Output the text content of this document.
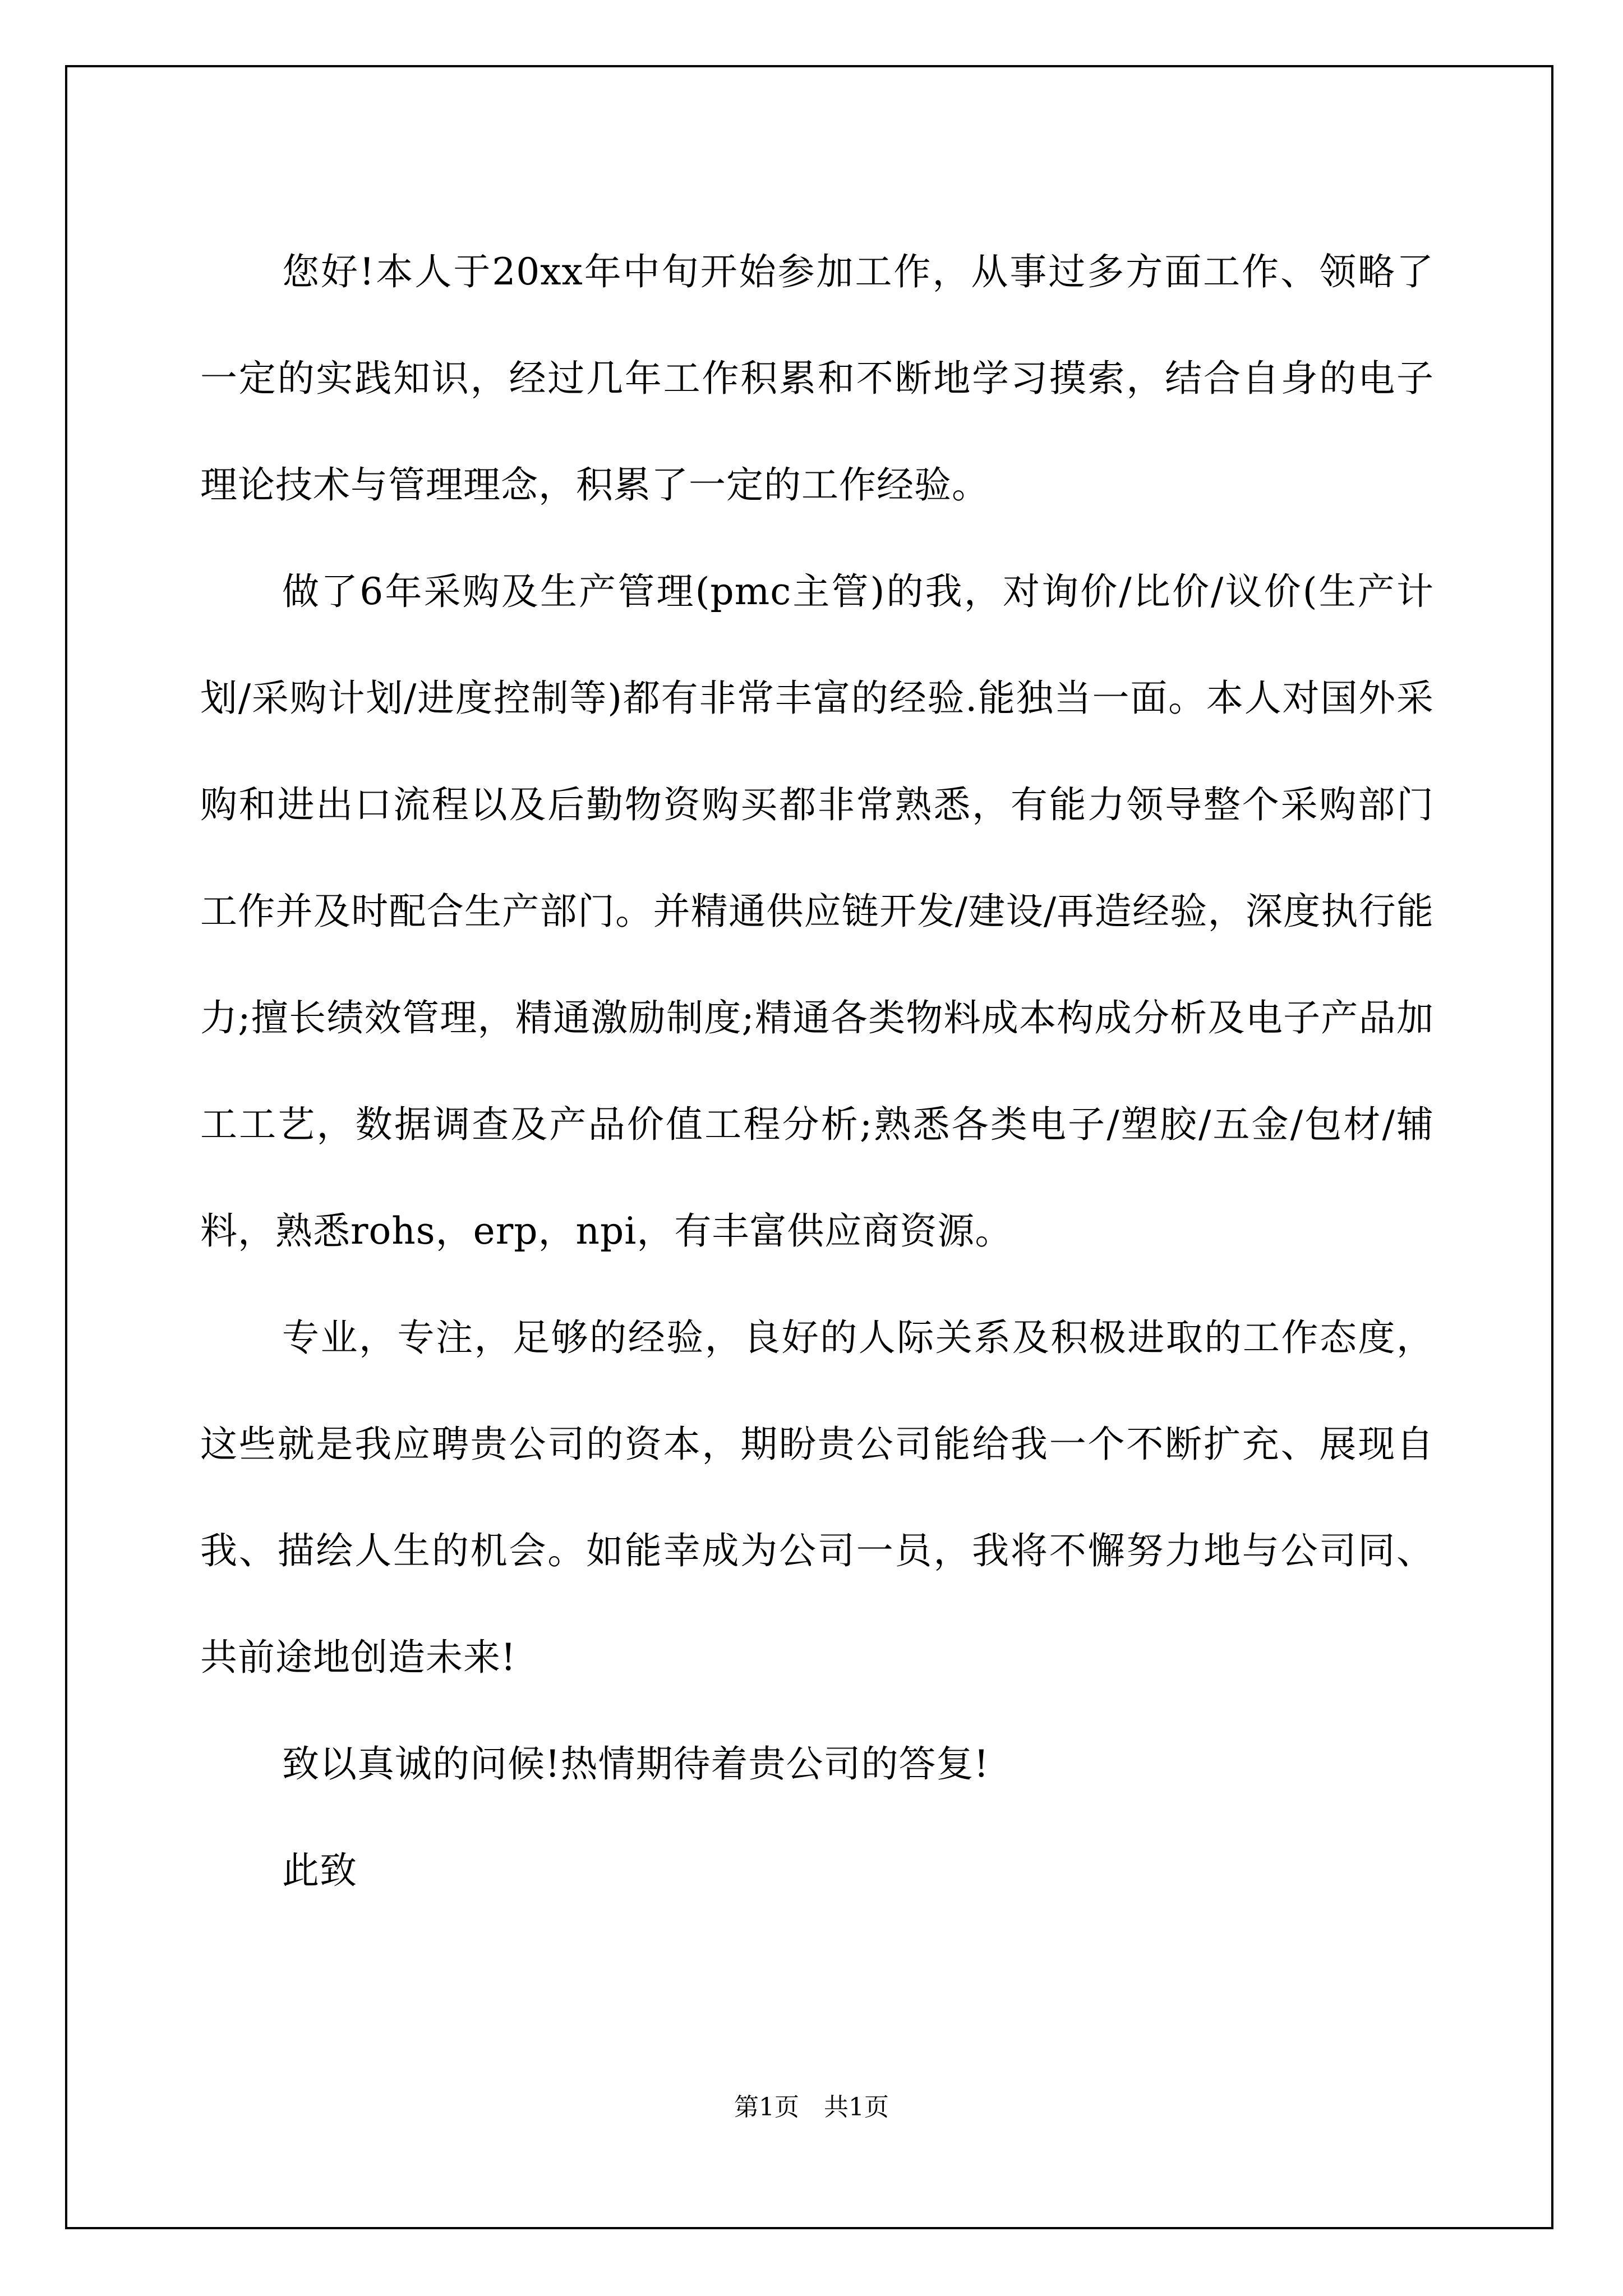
您好!本人于20xx年中旬开始参加工作，从事过多方面工作、领略了一定的实践知识，经过几年工作积累和不断地学习摸索，结合自身的电子理论技术与管理理念，积累了一定的工作经验。

做了6年采购及生产管理(pmc主管)的我，对询价/比价/议价(生产计划/采购计划/进度控制等)都有非常丰富的经验.能独当一面。本人对国外采购和进出口流程以及后勤物资购买都非常熟悉，有能力领导整个采购部门工作并及时配合生产部门。并精通供应链开发/建设/再造经验，深度执行能力;擅长绩效管理，精通激励制度;精通各类物料成本构成分析及电子产品加工工艺，数据调查及产品价值工程分析;熟悉各类电子/塑胶/五金/包材/辅料，熟悉rohs，erp，npi，有丰富供应商资源。

专业，专注，足够的经验，良好的人际关系及积极进取的工作态度，这些就是我应聘贵公司的资本，期盼贵公司能给我一个不断扩充、展现自我、描绘人生的机会。如能幸成为公司一员，我将不懈努力地与公司同、共前途地创造未来!

致以真诚的问候!热情期待着贵公司的答复!

此致

第1页　共1页
